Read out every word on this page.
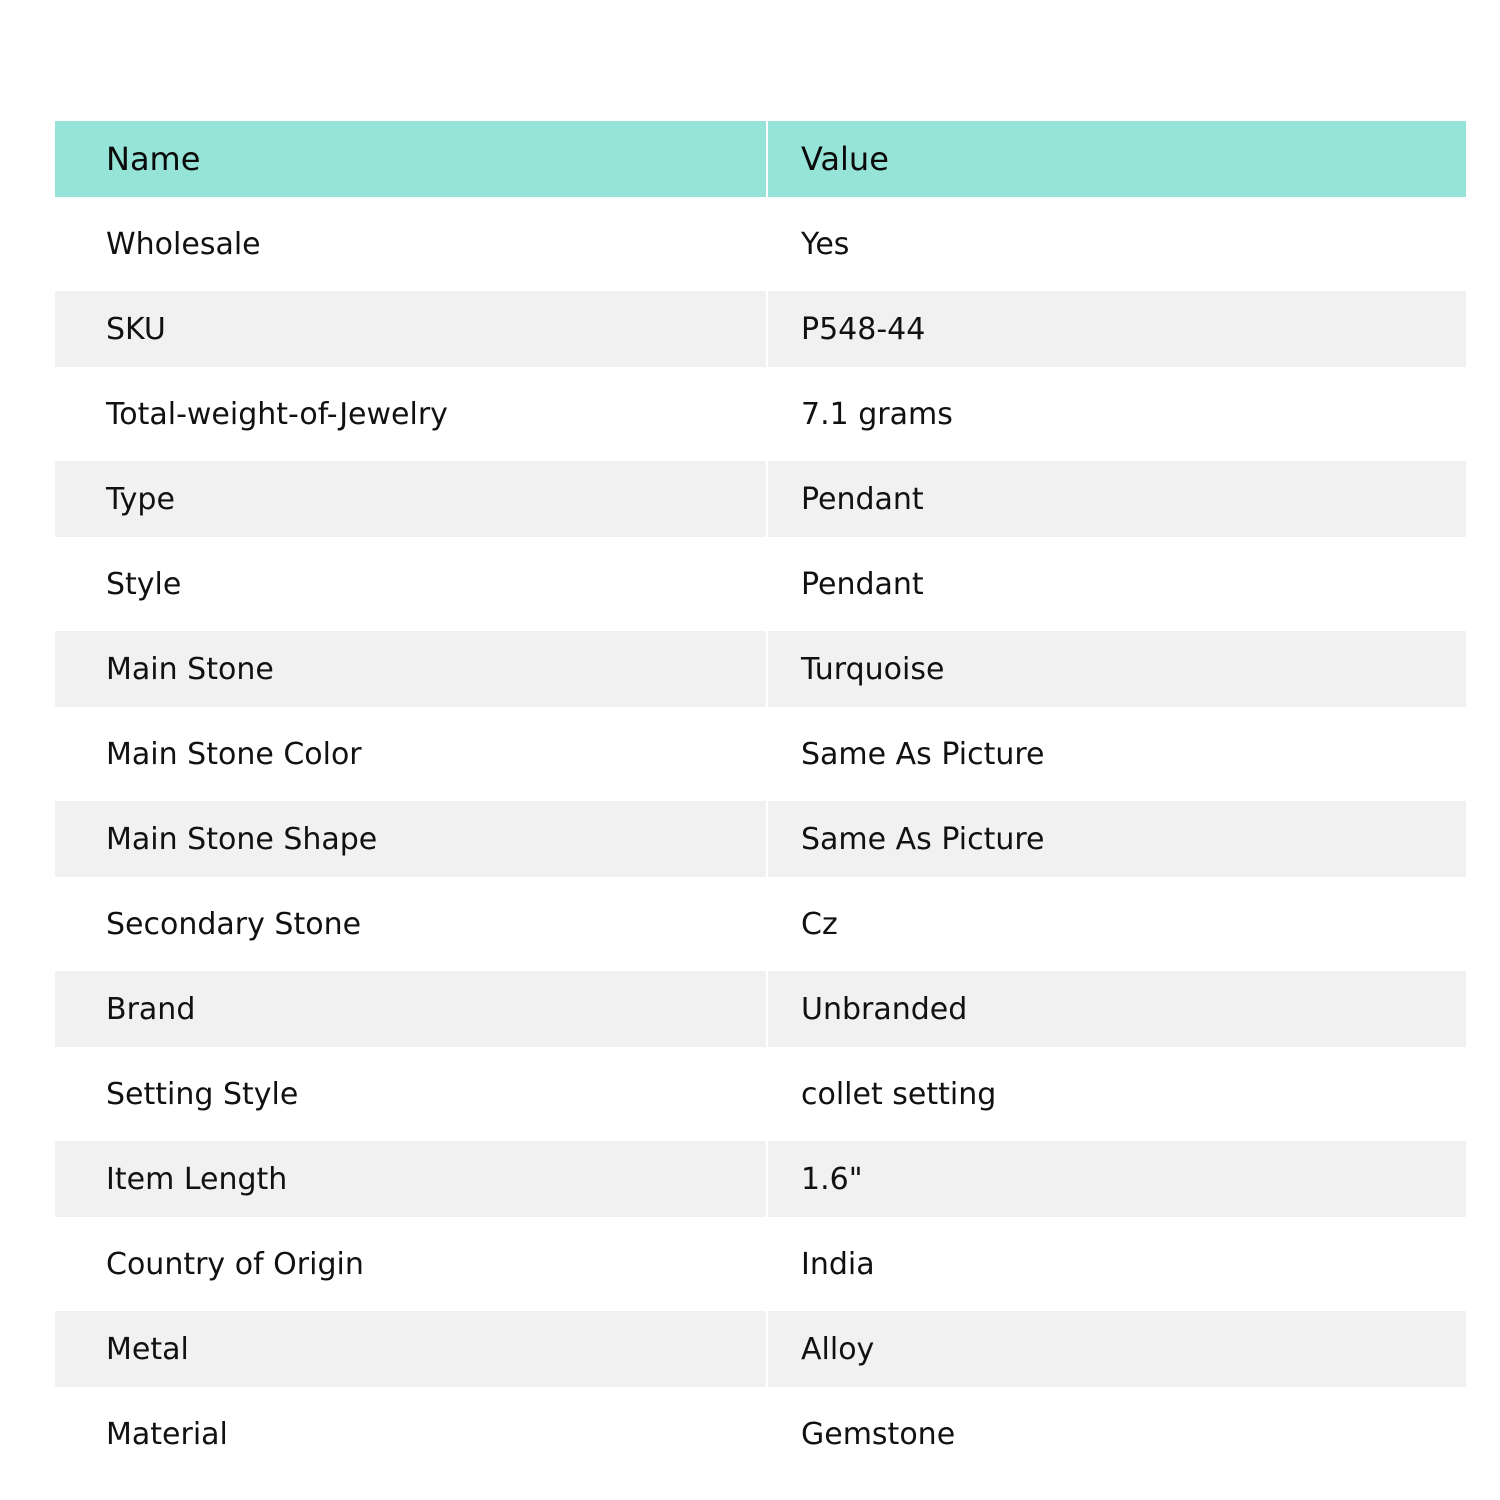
Name	Value
Wholesale	Yes
SKU	P548-44
Total-weight-of-Jewelry	7.1 grams
Type	Pendant
Style	Pendant
Main Stone	Turquoise
Main Stone Color	Same As Picture
Main Stone Shape	Same As Picture
Secondary Stone	Cz
Brand	Unbranded
Setting Style	collet setting
Item Length	1.6"
Country of Origin	India
Metal	Alloy
Material	Gemstone
